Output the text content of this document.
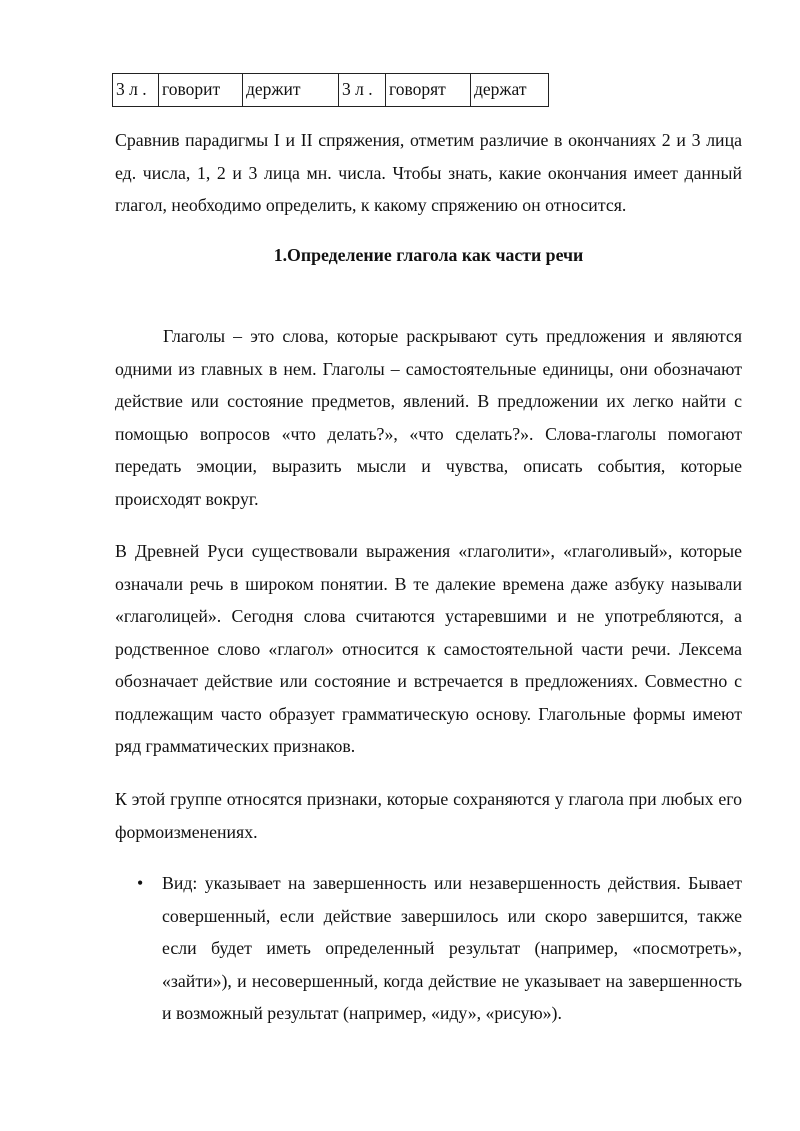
3 л .	говорит	держит	3 л .	говорят	держат

Сравнив парадигмы I и II спряжения, отметим различие в окончаниях 2 и 3 лица ед. числа, 1, 2 и 3 лица мн. числа. Чтобы знать, какие окончания имеет данный глагол, необходимо определить, к какому спряжению он относится.

1.Определение глагола как части речи

Глаголы – это слова, которые раскрывают суть предложения и являются одними из главных в нем. Глаголы – самостоятельные единицы, они обозначают действие или состояние предметов, явлений. В предложении их легко найти с помощью вопросов «что делать?», «что сделать?». Слова-глаголы помогают передать эмоции, выразить мысли и чувства, описать события, которые происходят вокруг.

В Древней Руси существовали выражения «глаголити», «глаголивый», которые означали речь в широком понятии. В те далекие времена даже азбуку называли «глаголицей». Сегодня слова считаются устаревшими и не употребляются, а родственное слово «глагол» относится к самостоятельной части речи. Лексема обозначает действие или состояние и встречается в предложениях. Совместно с подлежащим часто образует грамматическую основу. Глагольные формы имеют ряд грамматических признаков.

К этой группе относятся признаки, которые сохраняются у глагола при любых его формоизменениях.

• Вид: указывает на завершенность или незавершенность действия. Бывает совершенный, если действие завершилось или скоро завершится, также если будет иметь определенный результат (например, «посмотреть», «зайти»), и несовершенный, когда действие не указывает на завершенность и возможный результат (например, «иду», «рисую»).
